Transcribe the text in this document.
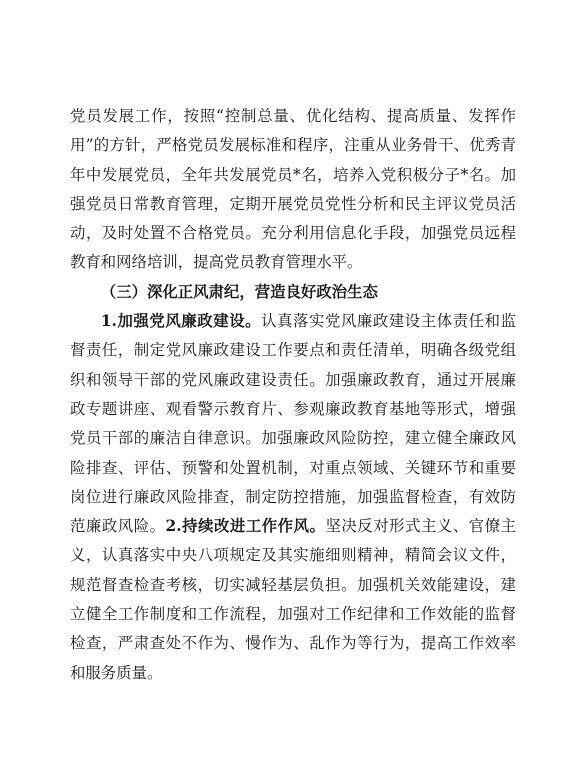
党员发展工作，按照“控制总量、优化结构、提高质量、发挥作用”的方针，严格党员发展标准和程序，注重从业务骨干、优秀青年中发展党员，全年共发展党员*名，培养入党积极分子*名。加强党员日常教育管理，定期开展党员党性分析和民主评议党员活动，及时处置不合格党员。充分利用信息化手段，加强党员远程教育和网络培训，提高党员教育管理水平。

（三）深化正风肃纪，营造良好政治生态

1.加强党风廉政建设。认真落实党风廉政建设主体责任和监督责任，制定党风廉政建设工作要点和责任清单，明确各级党组织和领导干部的党风廉政建设责任。加强廉政教育，通过开展廉政专题讲座、观看警示教育片、参观廉政教育基地等形式，增强党员干部的廉洁自律意识。加强廉政风险防控，建立健全廉政风险排查、评估、预警和处置机制，对重点领域、关键环节和重要岗位进行廉政风险排查，制定防控措施，加强监督检查，有效防范廉政风险。2.持续改进工作作风。坚决反对形式主义、官僚主义，认真落实中央八项规定及其实施细则精神，精简会议文件，规范督查检查考核，切实减轻基层负担。加强机关效能建设，建立健全工作制度和工作流程，加强对工作纪律和工作效能的监督检查，严肃查处不作为、慢作为、乱作为等行为，提高工作效率和服务质量。
